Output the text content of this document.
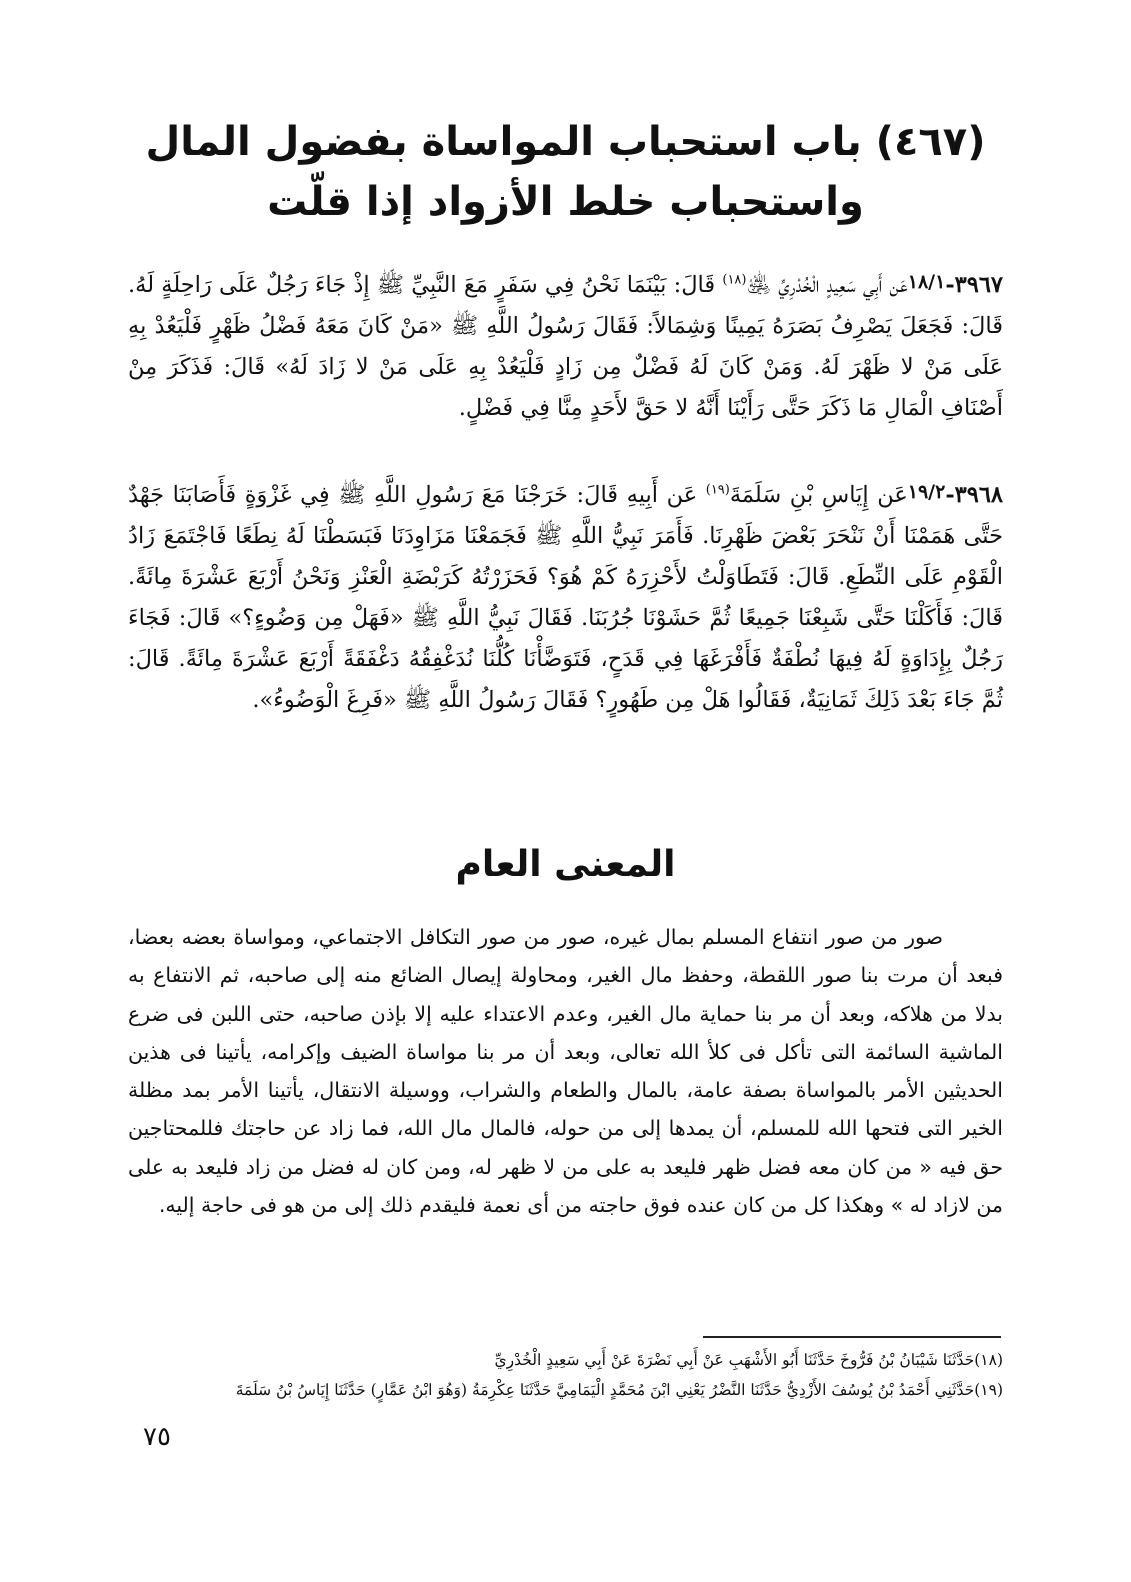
(٤٦٧) باب استحباب المواساة بفضول المال
واستحباب خلط الأزواد إذا قلّت
٣٩٦٧-١٨/١عَن أَبِي سَعِيدٍ الْخُدْرِيِّ ﵁$^{(١٨)}$ قَالَ: بَيْنَمَا نَحْنُ فِي سَفَرٍ مَعَ النَّبِيِّ ﷺ إِذْ جَاءَ رَجُلٌ عَلَى رَاحِلَةٍ لَهُ. قَالَ: فَجَعَلَ يَصْرِفُ بَصَرَهُ يَمِينًا وَشِمَالاً: فَقَالَ رَسُولُ اللَّهِ ﷺ «مَنْ كَانَ مَعَهُ فَضْلُ ظَهْرٍ فَلْيَعُدْ بِهِ عَلَى مَنْ لا ظَهْرَ لَهُ. وَمَنْ كَانَ لَهُ فَضْلٌ مِن زَادٍ فَلْيَعُدْ بِهِ عَلَى مَنْ لا زَادَ لَهُ» قَالَ: فَذَكَرَ مِنْ أَصْنَافِ الْمَالِ مَا ذَكَرَ حَتَّى رَأَيْنَا أَنَّهُ لا حَقَّ لأَحَدٍ مِنَّا فِي فَضْلٍ.
٣٩٦٨-١٩/٢عَن إِيَاسِ بْنِ سَلَمَةَ$^{(١٩)}$ عَن أَبِيهِ قَالَ: خَرَجْنَا مَعَ رَسُولِ اللَّهِ ﷺ فِي غَزْوَةٍ فَأَصَابَنَا جَهْدٌ حَتَّى هَمَمْنَا أَنْ نَنْحَرَ بَعْضَ ظَهْرِنَا. فَأَمَرَ نَبِيُّ اللَّهِ ﷺ فَجَمَعْنَا مَزَاوِدَنَا فَبَسَطْنَا لَهُ نِطَعًا فَاجْتَمَعَ زَادُ الْقَوْمِ عَلَى النِّطَعِ. قَالَ: فَتَطَاوَلْتُ لأَحْزِرَهُ كَمْ هُوَ؟ فَحَزَرْتُهُ كَرَبْضَةِ الْعَنْزِ وَنَحْنُ أَرْبَعَ عَشْرَةَ مِائَةً. قَالَ: فَأَكَلْنَا حَتَّى شَبِعْنَا جَمِيعًا ثُمَّ حَشَوْنَا جُرُبَنَا. فَقَالَ نَبِيُّ اللَّهِ ﷺ «فَهَلْ مِن وَضُوءٍ؟» قَالَ: فَجَاءَ رَجُلٌ بِإِدَاوَةٍ لَهُ فِيهَا نُطْفَةٌ فَأَفْرَغَهَا فِي قَدَحٍ، فَتَوَضَّأْنَا كُلُّنَا نُدَغْفِقُهُ دَغْفَقَةً أَرْبَعَ عَشْرَةَ مِائَةً. قَالَ: ثُمَّ جَاءَ بَعْدَ ذَلِكَ ثَمَانِيَةٌ، فَقَالُوا هَلْ مِن طَهُورٍ؟ فَقَالَ رَسُولُ اللَّهِ ﷺ «فَرِغَ الْوَضُوءُ».
المعنى العام
صور من صور انتفاع المسلم بمال غيره، صور من صور التكافل الاجتماعي، ومواساة بعضه بعضا، فبعد أن مرت بنا صور اللقطة، وحفظ مال الغير، ومحاولة إيصال الضائع منه إلى صاحبه، ثم الانتفاع به بدلا من هلاكه، وبعد أن مر بنا حماية مال الغير، وعدم الاعتداء عليه إلا بإذن صاحبه، حتى اللبن فى ضرع الماشية السائمة التى تأكل فى كلأ الله تعالى، وبعد أن مر بنا مواساة الضيف وإكرامه، يأتينا فى هذين الحديثين الأمر بالمواساة بصفة عامة، بالمال والطعام والشراب، ووسيلة الانتقال، يأتينا الأمر بمد مظلة الخير التى فتحها الله للمسلم، أن يمدها إلى من حوله، فالمال مال الله، فما زاد عن حاجتك فللمحتاجين حق فيه « من كان معه فضل ظهر فليعد به على من لا ظهر له، ومن كان له فضل من زاد فليعد به على من لازاد له » وهكذا كل من كان عنده فوق حاجته من أى نعمة فليقدم ذلك إلى من هو فى حاجة إليه.
(١٨)حَدَّثَنَا شَيْبَانُ بْنُ فَرُّوخَ حَدَّثَنَا أَبُو الأَشْهَبِ عَنْ أَبِي نَضْرَةَ عَنْ أَبِي سَعِيدٍ الْخُدْرِيِّ
(١٩)حَدَّثَنِي أَحْمَدُ بْنُ يُوسُفَ الأَزْدِيُّ حَدَّثَنَا النَّضْرُ يَعْنِي ابْنَ مُحَمَّدٍ الْيَمَامِيَّ حَدَّثَنَا عِكْرِمَةُ (وَهُوَ ابْنُ عَمَّارٍ) حَدَّثَنَا إِيَاسُ بْنُ سَلَمَةَ
٧٥
